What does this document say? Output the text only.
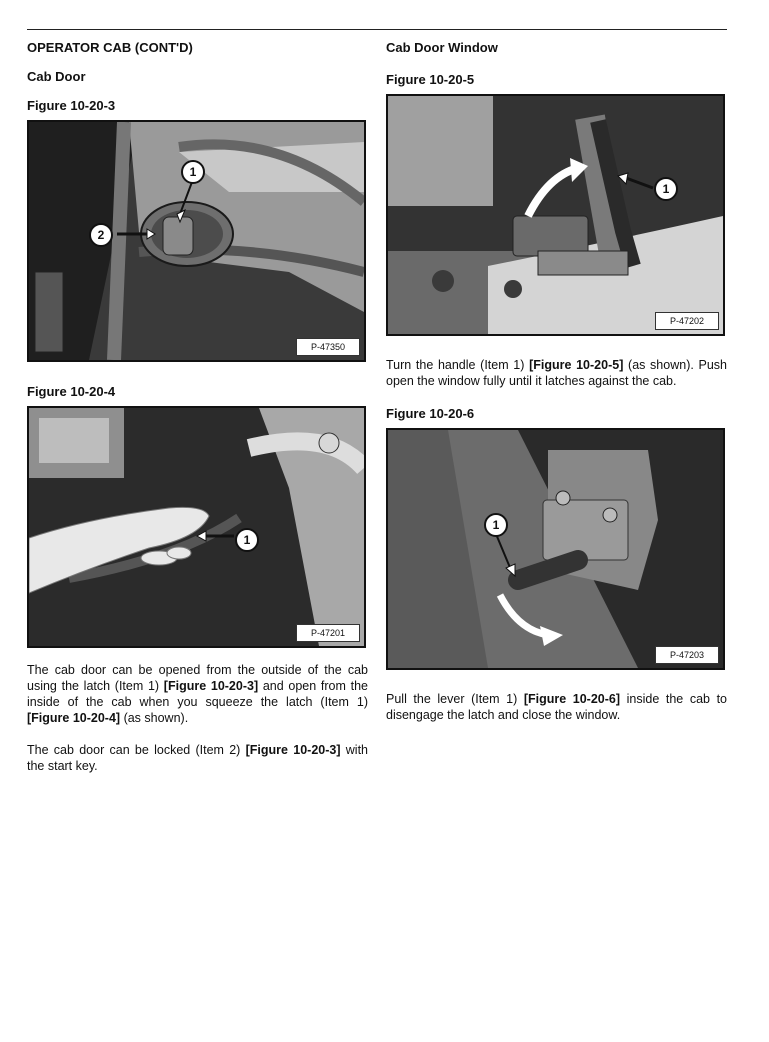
OPERATOR CAB (CONT'D)
Cab Door
Figure 10-20-3
1
2
P-47350
Figure 10-20-4
1
P-47201

The cab door can be opened from the outside of the cab using the latch (Item 1) [Figure 10-20-3] and open from the inside of the cab when you squeeze the latch (Item 1) [Figure 10-20-4] (as shown).

The cab door can be locked (Item 2) [Figure 10-20-3] with the start key.

Cab Door Window
Figure 10-20-5
1
P-47202

Turn the handle (Item 1) [Figure 10-20-5] (as shown). Push open the window fully until it latches against the cab.

Figure 10-20-6
1
P-47203

Pull the lever (Item 1) [Figure 10-20-6] inside the cab to disengage the latch and close the window.
